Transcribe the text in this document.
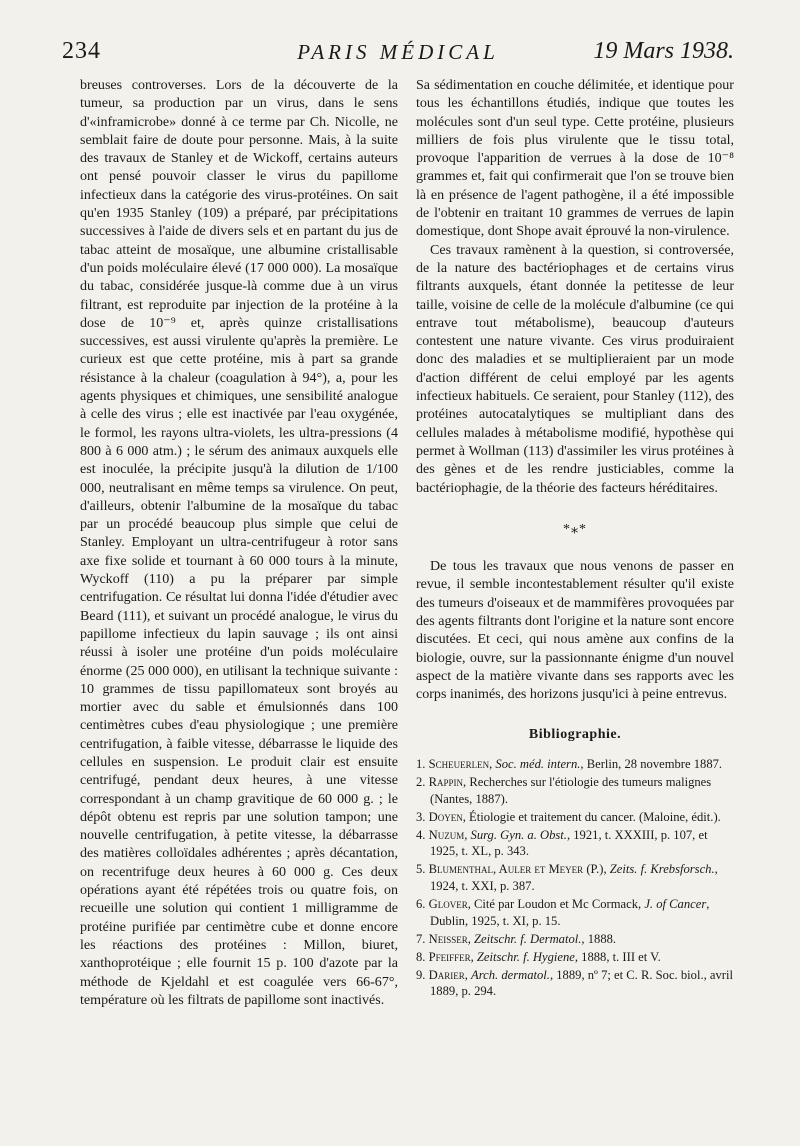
234	PARIS MÉDICAL	19 Mars 1938.

breuses controverses. Lors de la découverte de la tumeur, sa production par un virus, dans le sens d'«inframicrobe» donné à ce terme par Ch. Nicolle, ne semblait faire de doute pour personne. Mais, à la suite des travaux de Stanley et de Wickoff, certains auteurs ont pensé pouvoir classer le virus du papillome infectieux dans la catégorie des virus-protéines. On sait qu'en 1935 Stanley (109) a préparé, par précipitations successives à l'aide de divers sels et en partant du jus de tabac atteint de mosaïque, une albumine cristallisable d'un poids moléculaire élevé (17 000 000). La mosaïque du tabac, considérée jusque-là comme due à un virus filtrant, est reproduite par injection de la protéine à la dose de 10⁻⁹ et, après quinze cristallisations successives, est aussi virulente qu'après la première. Le curieux est que cette protéine, mis à part sa grande résistance à la chaleur (coagulation à 94°), a, pour les agents physiques et chimiques, une sensibilité analogue à celle des virus ; elle est inactivée par l'eau oxygénée, le formol, les rayons ultra-violets, les ultra-pressions (4 800 à 6 000 atm.) ; le sérum des animaux auxquels elle est inoculée, la précipite jusqu'à la dilution de 1/100 000, neutralisant en même temps sa virulence. On peut, d'ailleurs, obtenir l'albumine de la mosaïque du tabac par un procédé beaucoup plus simple que celui de Stanley. Employant un ultra-centrifugeur à rotor sans axe fixe solide et tournant à 60 000 tours à la minute, Wyckoff (110) a pu la préparer par simple centrifugation. Ce résultat lui donna l'idée d'étudier avec Beard (111), et suivant un procédé analogue, le virus du papillome infectieux du lapin sauvage ; ils ont ainsi réussi à isoler une protéine d'un poids moléculaire énorme (25 000 000), en utilisant la technique suivante : 10 grammes de tissu papillomateux sont broyés au mortier avec du sable et émulsionnés dans 100 centimètres cubes d'eau physiologique ; une première centrifugation, à faible vitesse, débarrasse le liquide des cellules en suspension. Le produit clair est ensuite centrifugé, pendant deux heures, à une vitesse correspondant à un champ gravitique de 60 000 g. ; le dépôt obtenu est repris par une solution tampon; une nouvelle centrifugation, à petite vitesse, la débarrasse des matières colloïdales adhérentes ; après décantation, on recentrifuge deux heures à 60 000 g. Ces deux opérations ayant été répétées trois ou quatre fois, on recueille une solution qui contient 1 milligramme de protéine purifiée par centimètre cube et donne encore les réactions des protéines : Millon, biuret, xanthoprotéique ; elle fournit 15 p. 100 d'azote par la méthode de Kjeldahl et est coagulée vers 66-67°, température où les filtrats de papillome sont inactivés.

Sa sédimentation en couche délimitée, et identique pour tous les échantillons étudiés, indique que toutes les molécules sont d'un seul type. Cette protéine, plusieurs milliers de fois plus virulente que le tissu total, provoque l'apparition de verrues à la dose de 10⁻⁸ grammes et, fait qui confirmerait que l'on se trouve bien là en présence de l'agent pathogène, il a été impossible de l'obtenir en traitant 10 grammes de verrues de lapin domestique, dont Shope avait éprouvé la non-virulence.

Ces travaux ramènent à la question, si controversée, de la nature des bactériophages et de certains virus filtrants auxquels, étant donnée la petitesse de leur taille, voisine de celle de la molécule d'albumine (ce qui entrave tout métabolisme), beaucoup d'auteurs contestent une nature vivante. Ces virus produiraient donc des maladies et se multiplieraient par un mode d'action différent de celui employé par les agents infectieux habituels. Ce seraient, pour Stanley (112), des protéines autocatalytiques se multipliant dans des cellules malades à métabolisme modifié, hypothèse qui permet à Wollman (113) d'assimiler les virus protéines à des gènes et de les rendre justiciables, comme la bactériophagie, de la théorie des facteurs héréditaires.

*⁎*

De tous les travaux que nous venons de passer en revue, il semble incontestablement résulter qu'il existe des tumeurs d'oiseaux et de mammifères provoquées par des agents filtrants dont l'origine et la nature sont encore discutées. Et ceci, qui nous amène aux confins de la biologie, ouvre, sur la passionnante énigme d'un nouvel aspect de la matière vivante dans ses rapports avec les corps inanimés, des horizons jusqu'ici à peine entrevus.

Bibliographie.
1. Scheuerlen, Soc. méd. intern., Berlin, 28 novembre 1887.
2. Rappin, Recherches sur l'étiologie des tumeurs malignes (Nantes, 1887).
3. Doyen, Étiologie et traitement du cancer. (Maloine, édit.).
4. Nuzum, Surg. Gyn. a. Obst., 1921, t. XXXIII, p. 107, et 1925, t. XL, p. 343.
5. Blumenthal, Auler et Meyer (P.), Zeits. f. Krebsforsch., 1924, t. XXI, p. 387.
6. Glover, Cité par Loudon et Mc Cormack, J. of Cancer, Dublin, 1925, t. XI, p. 15.
7. Neisser, Zeitschr. f. Dermatol., 1888.
8. Pfeiffer, Zeitschr. f. Hygiene, 1888, t. III et V.
9. Darier, Arch. dermatol., 1889, nº 7; et C. R. Soc. biol., avril 1889, p. 294.
